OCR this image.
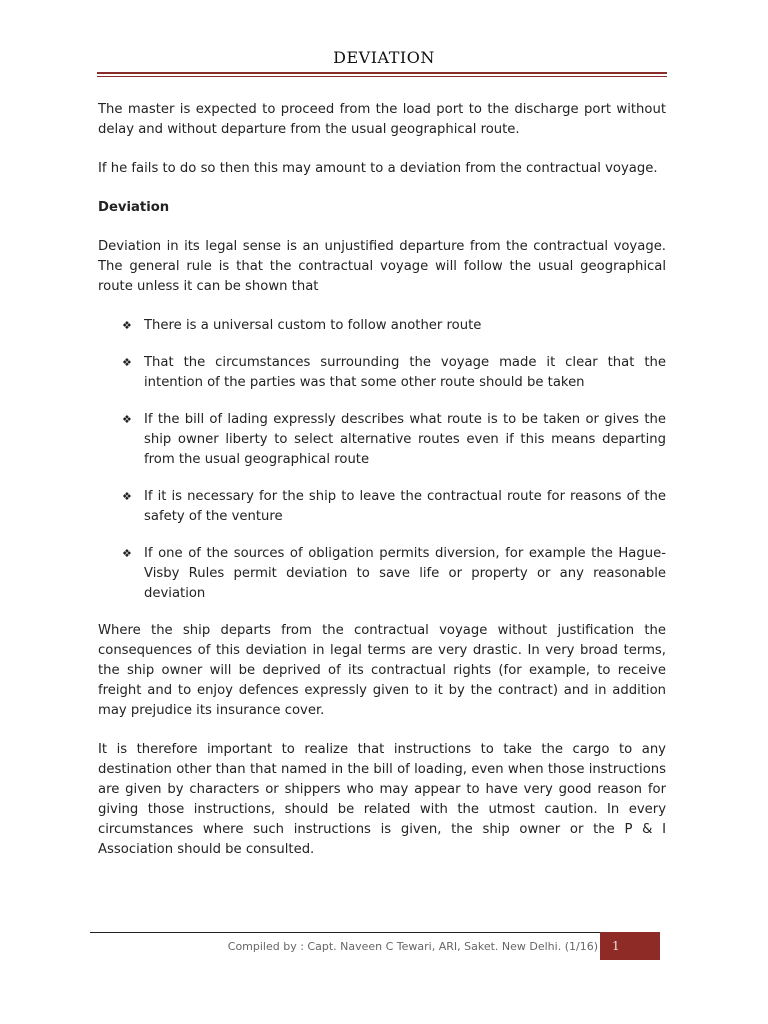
DEVIATION

The master is expected to proceed from the load port to the discharge port without delay and without departure from the usual geographical route.

If he fails to do so then this may amount to a deviation from the contractual voyage.

Deviation

Deviation in its legal sense is an unjustified departure from the contractual voyage. The general rule is that the contractual voyage will follow the usual geographical route unless it can be shown that

❖ There is a universal custom to follow another route
❖ That the circumstances surrounding the voyage made it clear that the intention of the parties was that some other route should be taken
❖ If the bill of lading expressly describes what route is to be taken or gives the ship owner liberty to select alternative routes even if this means departing from the usual geographical route
❖ If it is necessary for the ship to leave the contractual route for reasons of the safety of the venture
❖ If one of the sources of obligation permits diversion, for example the Hague-Visby Rules permit deviation to save life or property or any reasonable deviation

Where the ship departs from the contractual voyage without justification the consequences of this deviation in legal terms are very drastic. In very broad terms, the ship owner will be deprived of its contractual rights (for example, to receive freight and to enjoy defences expressly given to it by the contract) and in addition may prejudice its insurance cover.

It is therefore important to realize that instructions to take the cargo to any destination other than that named in the bill of loading, even when those instructions are given by characters or shippers who may appear to have very good reason for giving those instructions, should be related with the utmost caution. In every circumstances where such instructions is given, the ship owner or the P & I Association should be consulted.

Compiled by : Capt. Naveen C Tewari, ARI, Saket. New Delhi. (1/16)	1
